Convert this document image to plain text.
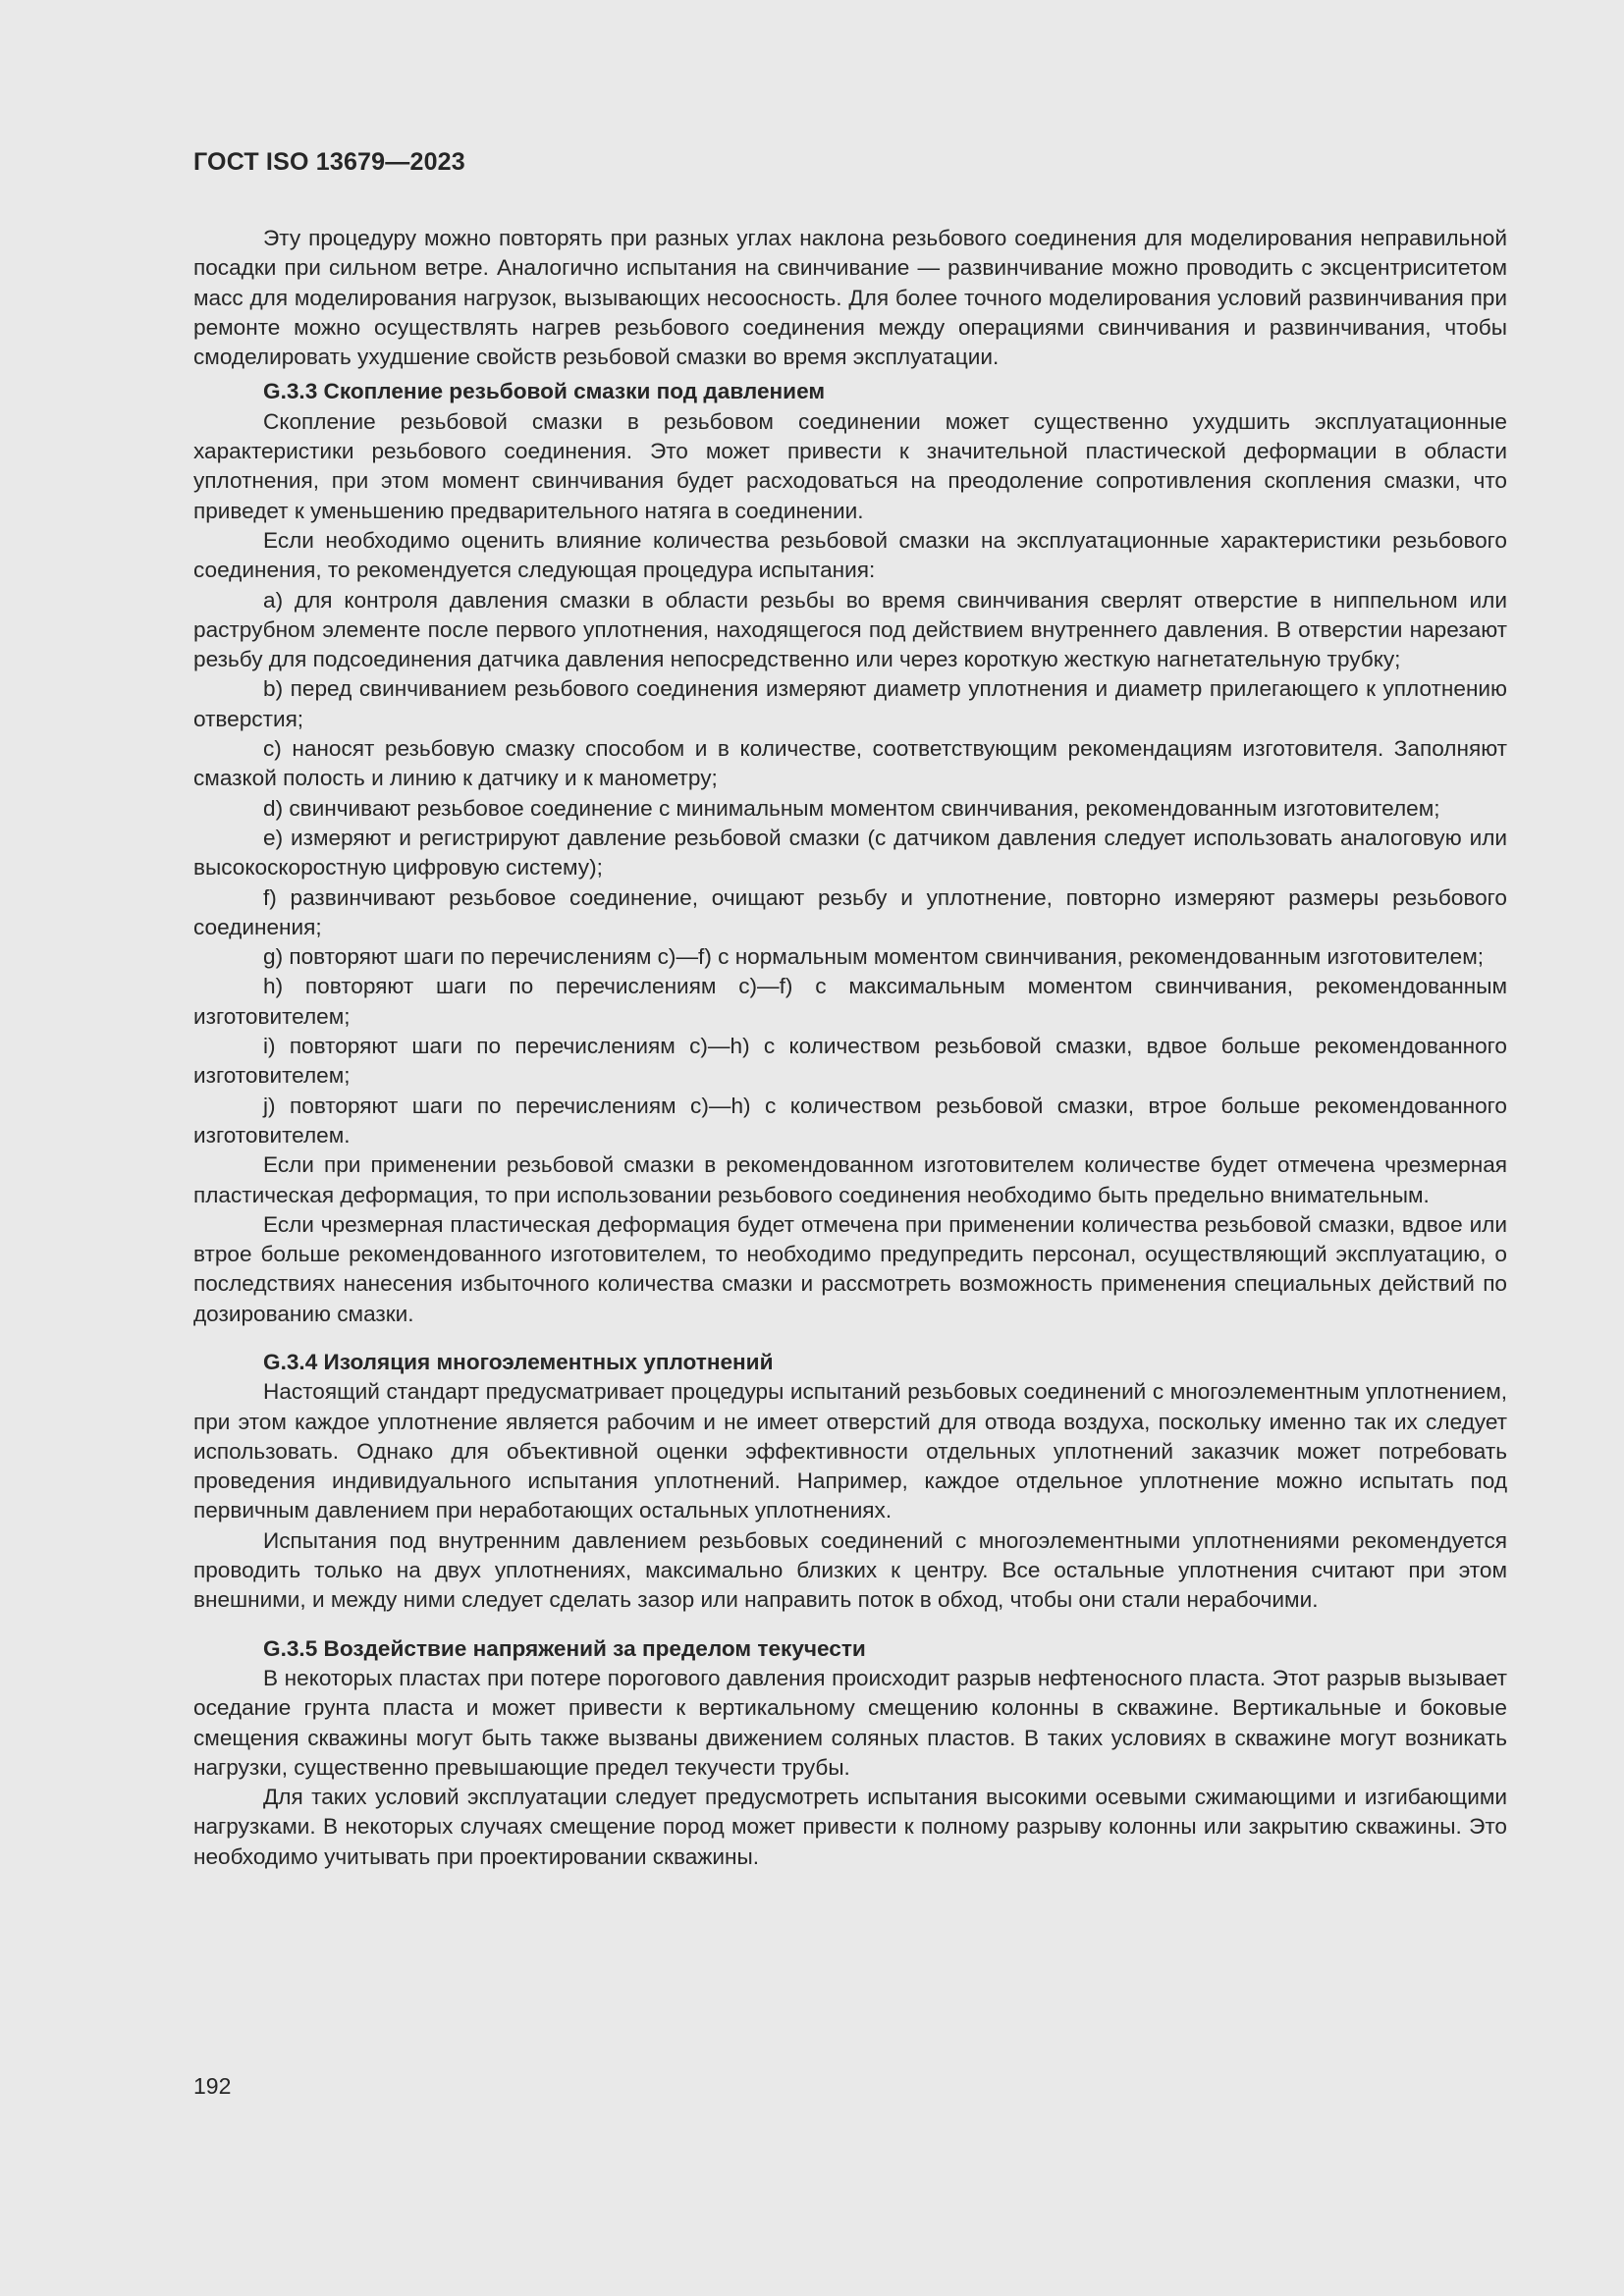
ГОСТ ISO 13679—2023

Эту процедуру можно повторять при разных углах наклона резьбового соединения для моделирования неправильной посадки при сильном ветре. Аналогично испытания на свинчивание — развинчивание можно проводить с эксцентриситетом масс для моделирования нагрузок, вызывающих несоосность. Для более точного моделирования условий развинчивания при ремонте можно осуществлять нагрев резьбового соединения между операциями свинчивания и развинчивания, чтобы смоделировать ухудшение свойств резьбовой смазки во время эксплуатации.

G.3.3 Скопление резьбовой смазки под давлением

Скопление резьбовой смазки в резьбовом соединении может существенно ухудшить эксплуатационные характеристики резьбового соединения. Это может привести к значительной пластической деформации в области уплотнения, при этом момент свинчивания будет расходоваться на преодоление сопротивления скопления смазки, что приведет к уменьшению предварительного натяга в соединении.

Если необходимо оценить влияние количества резьбовой смазки на эксплуатационные характеристики резьбового соединения, то рекомендуется следующая процедура испытания:

a) для контроля давления смазки в области резьбы во время свинчивания сверлят отверстие в ниппельном или раструбном элементе после первого уплотнения, находящегося под действием внутреннего давления. В отверстии нарезают резьбу для подсоединения датчика давления непосредственно или через короткую жесткую нагнетательную трубку;

b) перед свинчиванием резьбового соединения измеряют диаметр уплотнения и диаметр прилегающего к уплотнению отверстия;

c) наносят резьбовую смазку способом и в количестве, соответствующим рекомендациям изготовителя. Заполняют смазкой полость и линию к датчику и к манометру;

d) свинчивают резьбовое соединение с минимальным моментом свинчивания, рекомендованным изготовителем;

e) измеряют и регистрируют давление резьбовой смазки (с датчиком давления следует использовать аналоговую или высокоскоростную цифровую систему);

f) развинчивают резьбовое соединение, очищают резьбу и уплотнение, повторно измеряют размеры резьбового соединения;

g) повторяют шаги по перечислениям c)—f) с нормальным моментом свинчивания, рекомендованным изготовителем;

h) повторяют шаги по перечислениям c)—f) с максимальным моментом свинчивания, рекомендованным изготовителем;

i) повторяют шаги по перечислениям c)—h) с количеством резьбовой смазки, вдвое больше рекомендованного изготовителем;

j) повторяют шаги по перечислениям c)—h) с количеством резьбовой смазки, втрое больше рекомендованного изготовителем.

Если при применении резьбовой смазки в рекомендованном изготовителем количестве будет отмечена чрезмерная пластическая деформация, то при использовании резьбового соединения необходимо быть предельно внимательным.

Если чрезмерная пластическая деформация будет отмечена при применении количества резьбовой смазки, вдвое или втрое больше рекомендованного изготовителем, то необходимо предупредить персонал, осуществляющий эксплуатацию, о последствиях нанесения избыточного количества смазки и рассмотреть возможность применения специальных действий по дозированию смазки.

G.3.4 Изоляция многоэлементных уплотнений

Настоящий стандарт предусматривает процедуры испытаний резьбовых соединений с многоэлементным уплотнением, при этом каждое уплотнение является рабочим и не имеет отверстий для отвода воздуха, поскольку именно так их следует использовать. Однако для объективной оценки эффективности отдельных уплотнений заказчик может потребовать проведения индивидуального испытания уплотнений. Например, каждое отдельное уплотнение можно испытать под первичным давлением при неработающих остальных уплотнениях.

Испытания под внутренним давлением резьбовых соединений с многоэлементными уплотнениями рекомендуется проводить только на двух уплотнениях, максимально близких к центру. Все остальные уплотнения считают при этом внешними, и между ними следует сделать зазор или направить поток в обход, чтобы они стали нерабочими.

G.3.5 Воздействие напряжений за пределом текучести

В некоторых пластах при потере порогового давления происходит разрыв нефтеносного пласта. Этот разрыв вызывает оседание грунта пласта и может привести к вертикальному смещению колонны в скважине. Вертикальные и боковые смещения скважины могут быть также вызваны движением соляных пластов. В таких условиях в скважине могут возникать нагрузки, существенно превышающие предел текучести трубы.

Для таких условий эксплуатации следует предусмотреть испытания высокими осевыми сжимающими и изгибающими нагрузками. В некоторых случаях смещение пород может привести к полному разрыву колонны или закрытию скважины. Это необходимо учитывать при проектировании скважины.

192
